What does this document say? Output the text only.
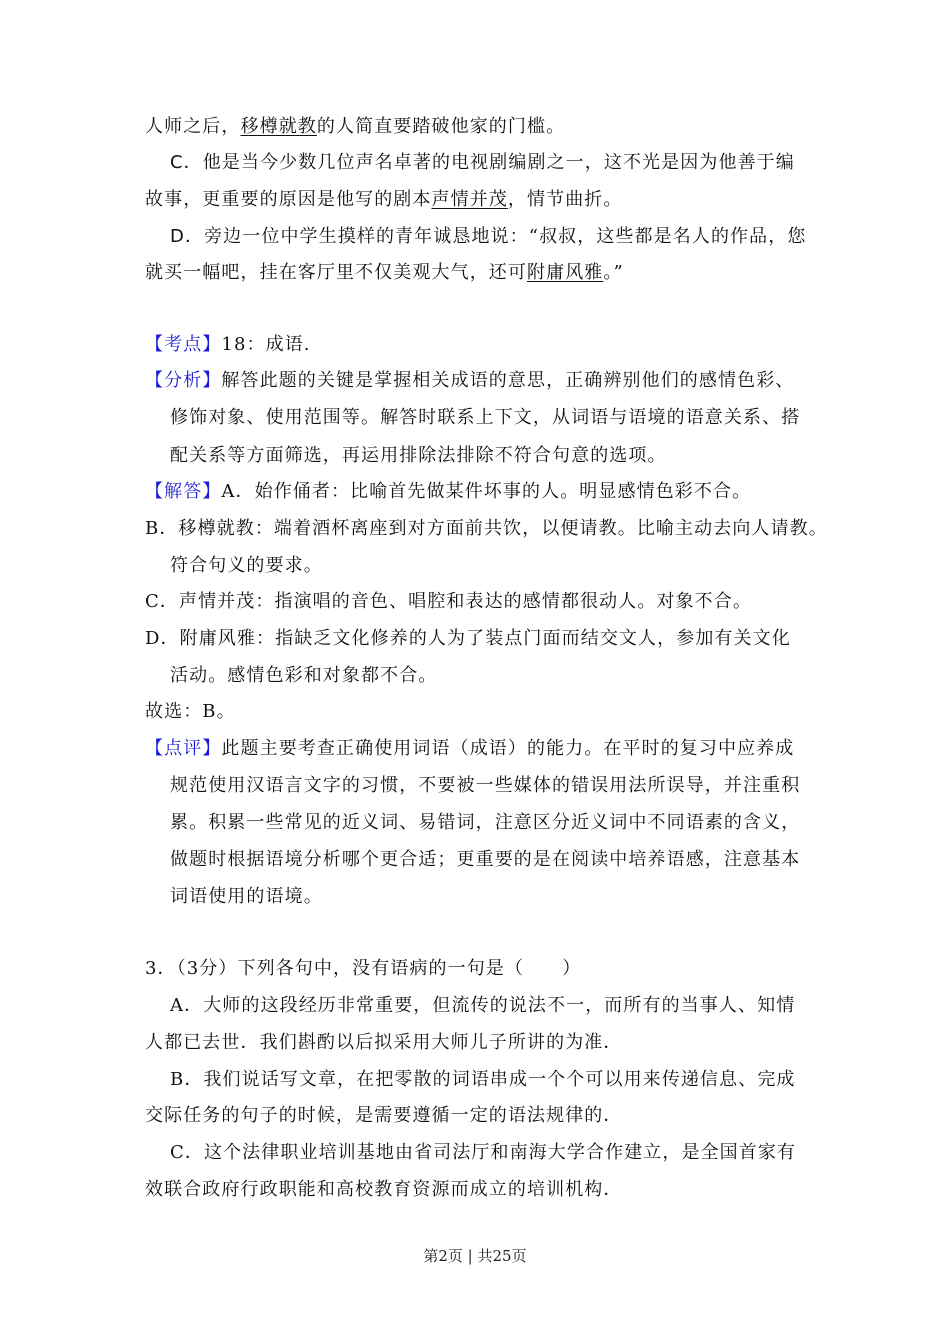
人师之后，移樽就教的人简直要踏破他家的门槛。
C．他是当今少数几位声名卓著的电视剧编剧之一，这不光是因为他善于编
故事，更重要的原因是他写的剧本声情并茂，情节曲折。
D．旁边一位中学生摸样的青年诚恳地说：“叔叔，这些都是名人的作品，您
就买一幅吧，挂在客厅里不仅美观大气，还可附庸风雅。”
【考点】18：成语.
【分析】解答此题的关键是掌握相关成语的意思，正确辨别他们的感情色彩、
修饰对象、使用范围等。解答时联系上下文，从词语与语境的语意关系、搭
配关系等方面筛选，再运用排除法排除不符合句意的选项。
【解答】A．始作俑者：比喻首先做某件坏事的人。明显感情色彩不合。
B．移樽就教：端着酒杯离座到对方面前共饮，以便请教。比喻主动去向人请教。
符合句义的要求。
C．声情并茂：指演唱的音色、唱腔和表达的感情都很动人。对象不合。
D．附庸风雅：指缺乏文化修养的人为了装点门面而结交文人，参加有关文化
活动。感情色彩和对象都不合。
故选：B。
【点评】此题主要考查正确使用词语（成语）的能力。在平时的复习中应养成
规范使用汉语言文字的习惯，不要被一些媒体的错误用法所误导，并注重积
累。积累一些常见的近义词、易错词，注意区分近义词中不同语素的含义，
做题时根据语境分析哪个更合适；更重要的是在阅读中培养语感，注意基本
词语使用的语境。
3．（3分）下列各句中，没有语病的一句是（　　）
A．大师的这段经历非常重要，但流传的说法不一，而所有的当事人、知情
人都已去世．我们斟酌以后拟采用大师儿子所讲的为准．
B．我们说话写文章，在把零散的词语串成一个个可以用来传递信息、完成
交际任务的句子的时候，是需要遵循一定的语法规律的．
C．这个法律职业培训基地由省司法厅和南海大学合作建立，是全国首家有
效联合政府行政职能和高校教育资源而成立的培训机构．
第2页 | 共25页
